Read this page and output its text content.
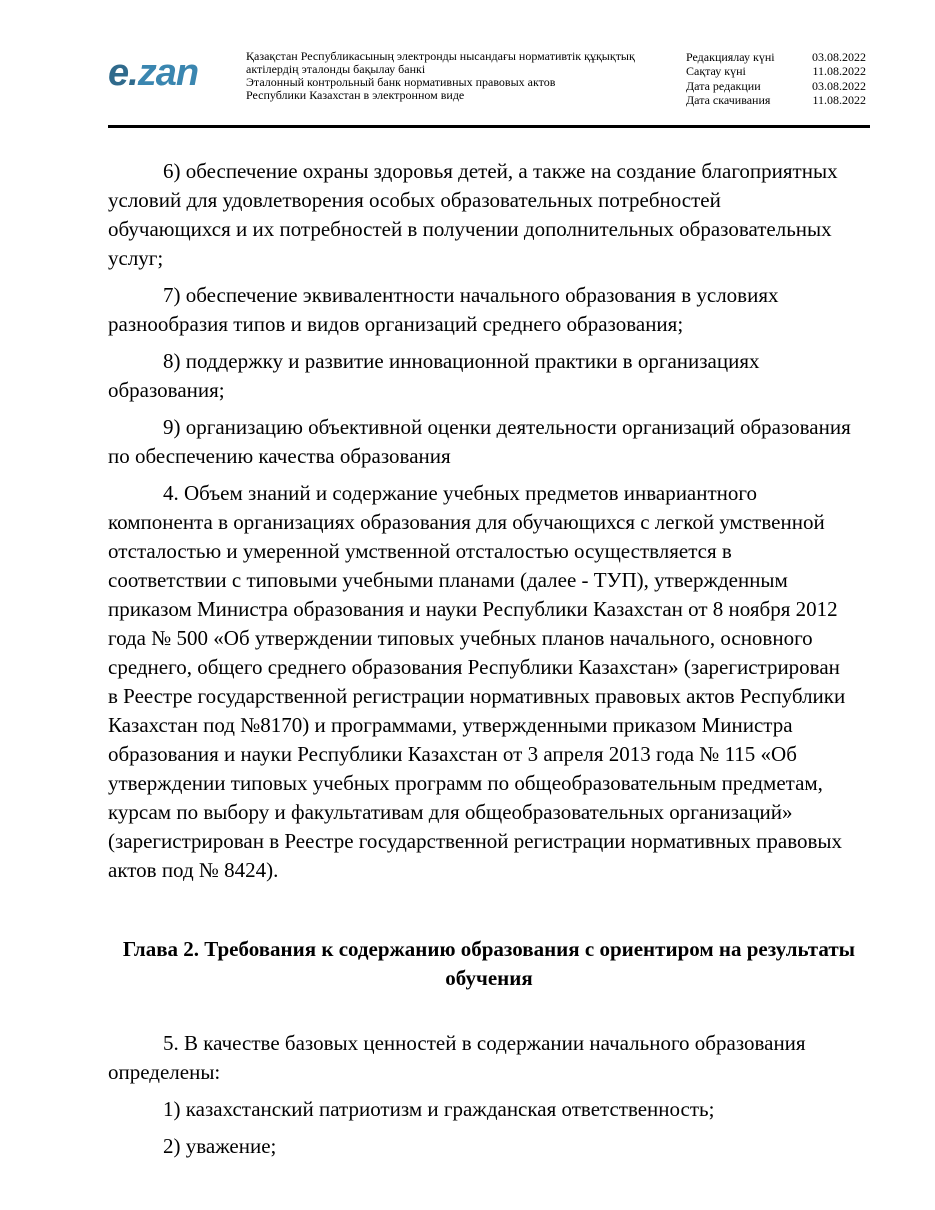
e.zan	Қазақстан Республикасының электронды нысандағы нормативтік құқықтық
актілердің эталонды бақылау банкі
Эталонный контрольный банк нормативных правовых актов
Республики Казахстан в электронном виде
Редакциялау күні	03.08.2022
Сақтау күні	11.08.2022
Дата редакции	03.08.2022
Дата скачивания	11.08.2022

6) обеспечение охраны здоровья детей, а также на создание благоприятных
условий для удовлетворения особых образовательных потребностей
обучающихся и их потребностей в получении дополнительных образовательных
услуг;

7) обеспечение эквивалентности начального образования в условиях
разнообразия типов и видов организаций среднего образования;

8) поддержку и развитие инновационной практики в организациях
образования;

9) организацию объективной оценки деятельности организаций образования
по обеспечению качества образования

4. Объем знаний и содержание учебных предметов инвариантного
компонента в организациях образования для обучающихся с легкой умственной
отсталостью и умеренной умственной отсталостью осуществляется в
соответствии с типовыми учебными планами (далее - ТУП), утвержденным
приказом Министра образования и науки Республики Казахстан от 8 ноября 2012
года № 500 «Об утверждении типовых учебных планов начального, основного
среднего, общего среднего образования Республики Казахстан» (зарегистрирован
в Реестре государственной регистрации нормативных правовых актов Республики
Казахстан под №8170) и программами, утвержденными приказом Министра
образования и науки Республики Казахстан от 3 апреля 2013 года № 115 «Об
утверждении типовых учебных программ по общеобразовательным предметам,
курсам по выбору и факультативам для общеобразовательных организаций»
(зарегистрирован в Реестре государственной регистрации нормативных правовых
актов под № 8424).

Глава 2. Требования к содержанию образования с ориентиром на результаты
обучения

5. В качестве базовых ценностей в содержании начального образования
определены:

1) казахстанский патриотизм и гражданская ответственность;

2) уважение;
